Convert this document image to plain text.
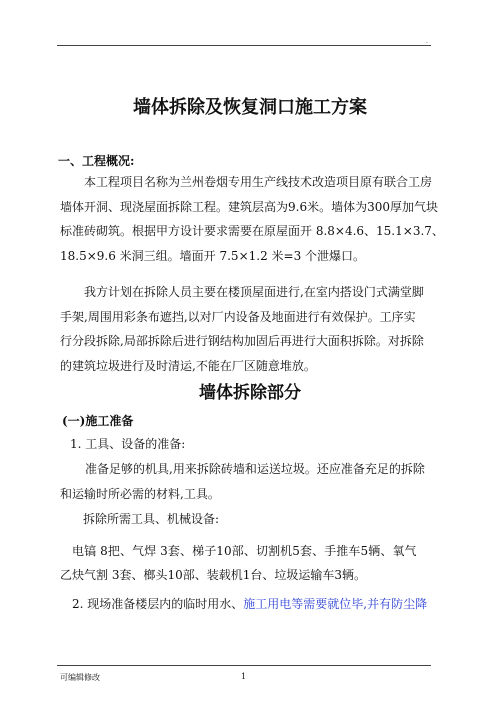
.
墙体拆除及恢复洞口施工方案
一、工程概况:
本工程项目名称为兰州卷烟专用生产线技术改造项目原有联合工房
墙体开洞、现浇屋面拆除工程。建筑层高为9.6米。墙体为300厚加气块
标准砖砌筑。根据甲方设计要求需要在原屋面开 8.8×4.6、15.1×3.7、
18.5×9.6 米洞三组。墙面开 7.5×1.2 米=3 个泄爆口。
我方计划在拆除人员主要在楼顶屋面进行,在室内搭设门式满堂脚
手架,周围用彩条布遮挡,以对厂内设备及地面进行有效保护。工序实
行分段拆除,局部拆除后进行钢结构加固后再进行大面积拆除。对拆除
的建筑垃圾进行及时清运,不能在厂区随意堆放。
墙体拆除部分
(一)施工准备
1. 工具、设备的准备:
准备足够的机具,用来拆除砖墙和运送垃圾。还应准备充足的拆除
和运输时所必需的材料,工具。
拆除所需工具、机械设备:
电镐 8把、气焊 3套、梯子10部、切割机5套、手推车5辆、氧气
乙炔气割 3套、榔头10部、装载机1台、垃圾运输车3辆。
2. 现场准备楼层内的临时用水、施工用电等需要就位毕,并有防尘降
可编辑修改	1
